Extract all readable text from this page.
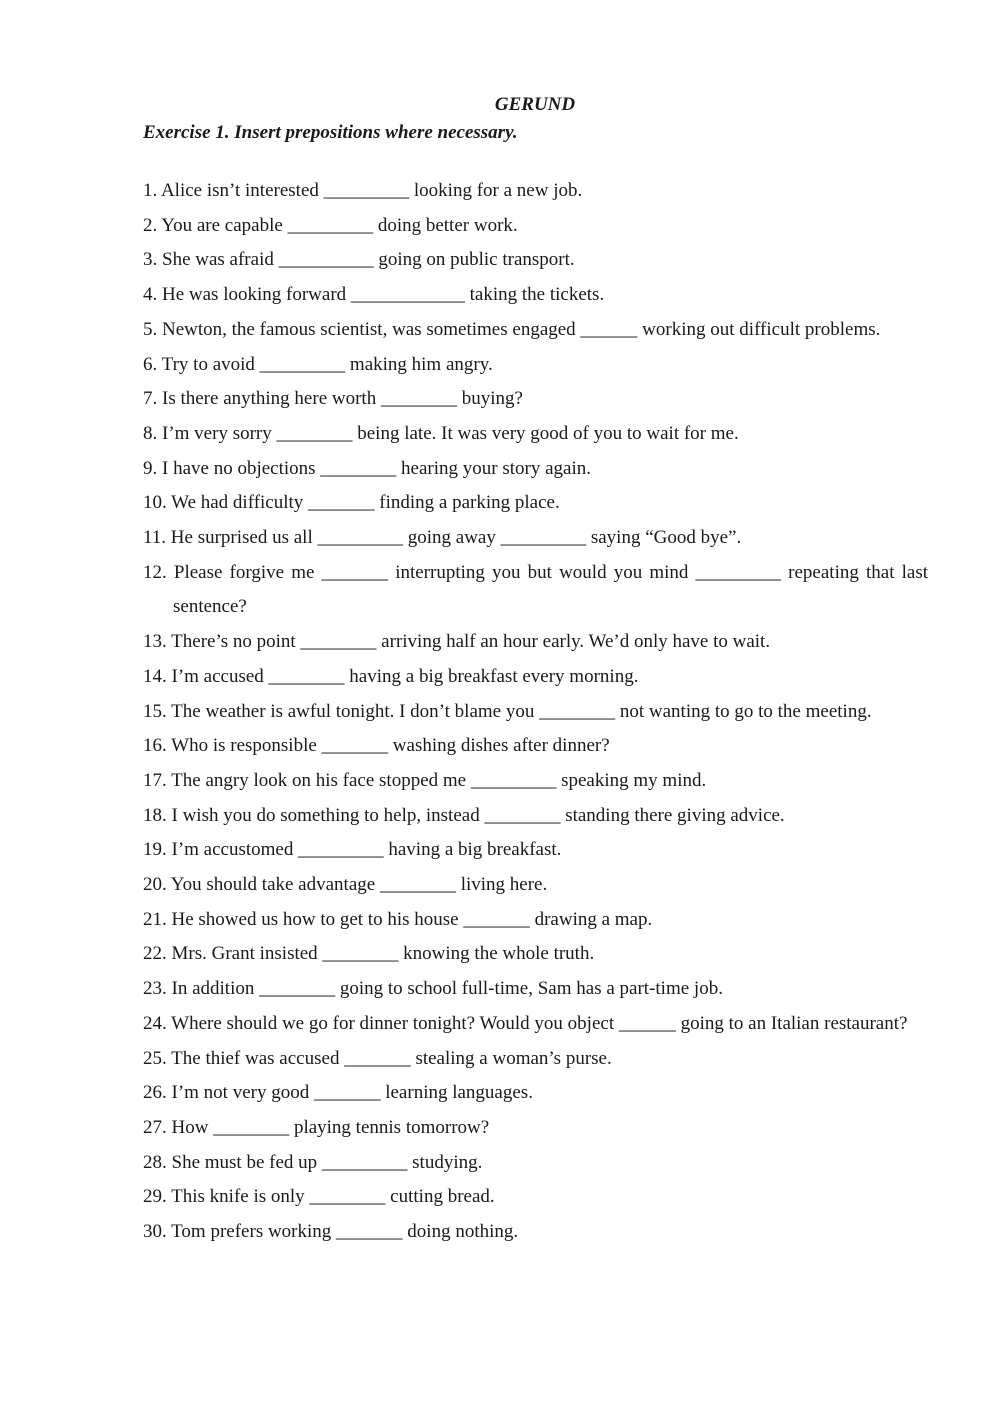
GERUND
Exercise 1. Insert prepositions where necessary.
1. Alice isn’t interested _________ looking for a new job.
2. You are capable _________ doing better work.
3. She was afraid __________ going on public transport.
4. He was looking forward ____________ taking the tickets.
5. Newton, the famous scientist, was sometimes engaged ______ working out difficult problems.
6. Try to avoid _________ making him angry.
7. Is there anything here worth ________ buying?
8. I’m very sorry ________ being late. It was very good of you to wait for me.
9. I have no objections ________ hearing your story again.
10. We had difficulty _______ finding a parking place.
11. He surprised us all _________ going away _________ saying “Good bye”.
12. Please forgive me _______ interrupting you but would you mind _________ repeating that last sentence?
13. There’s no point ________ arriving half an hour early. We’d only have to wait.
14. I’m accused ________ having a big breakfast every morning.
15. The weather is awful tonight. I don’t blame you ________ not wanting to go to the meeting.
16. Who is responsible _______ washing dishes after dinner?
17. The angry look on his face stopped me _________ speaking my mind.
18. I wish you do something to help, instead ________ standing there giving advice.
19. I’m accustomed _________ having a big breakfast.
20. You should take advantage ________ living here.
21. He showed us how to get to his house _______ drawing a map.
22. Mrs. Grant insisted ________ knowing the whole truth.
23. In addition ________ going to school full-time, Sam has a part-time job.
24. Where should we go for dinner tonight? Would you object ______ going to an Italian restaurant?
25. The thief was accused _______ stealing a woman’s purse.
26. I’m not very good _______ learning languages.
27. How ________ playing tennis tomorrow?
28. She must be fed up _________ studying.
29. This knife is only ________ cutting bread.
30. Tom prefers working _______ doing nothing.
